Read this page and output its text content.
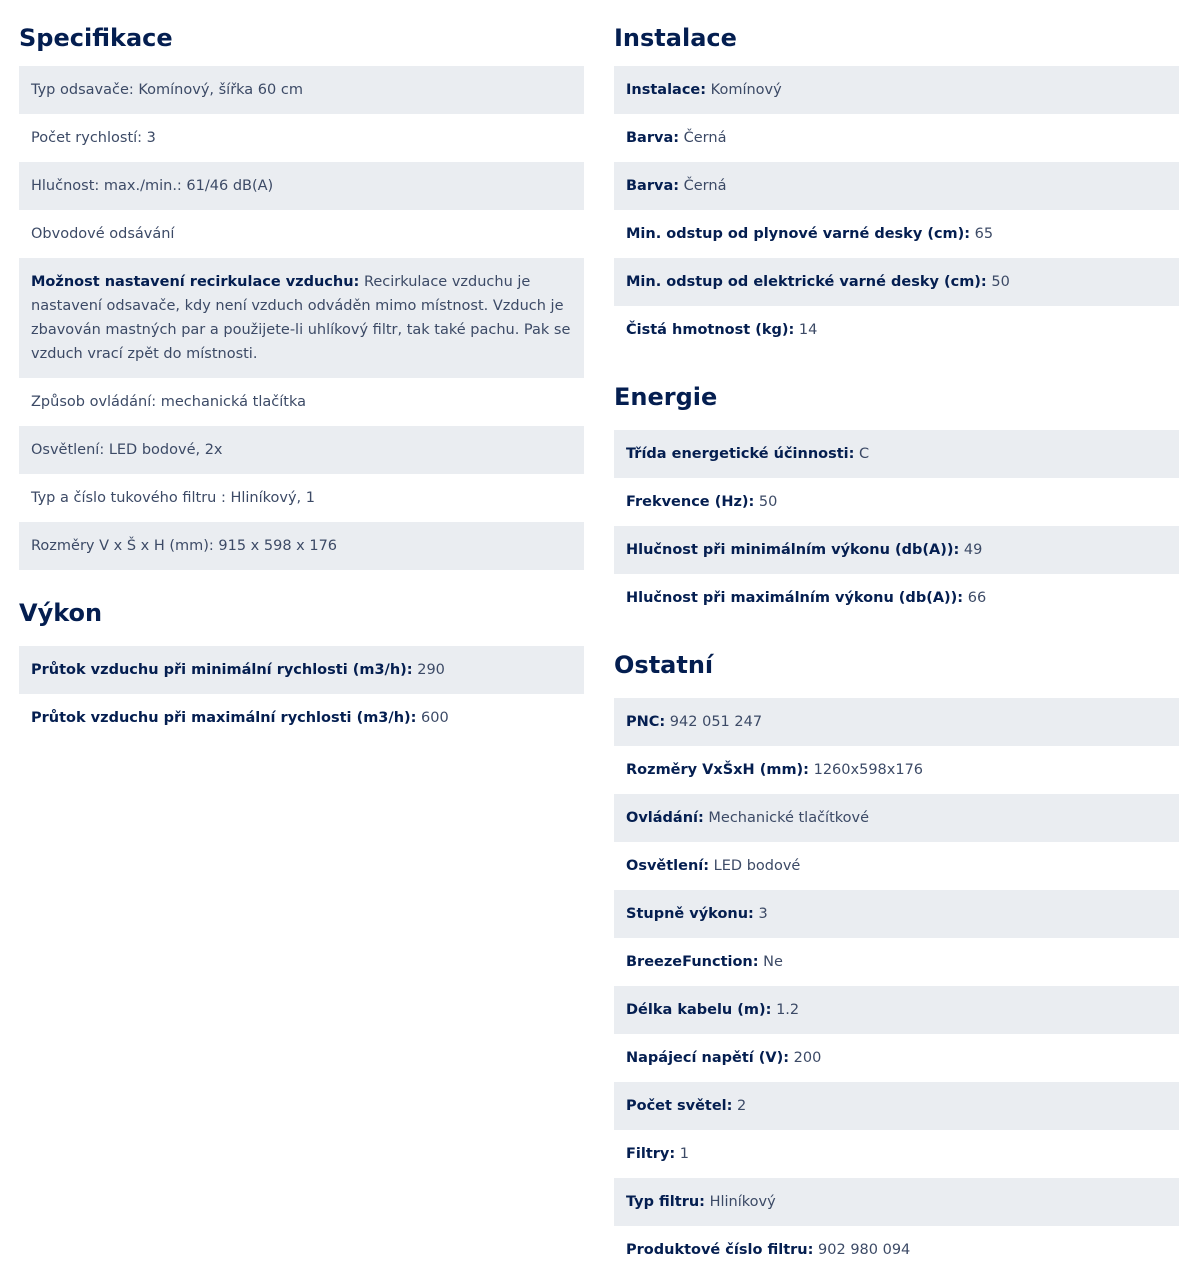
Specifikace
Typ odsavače: Komínový, šířka 60 cm
Počet rychlostí: 3
Hlučnost: max./min.: 61/46 dB(A)
Obvodové odsávání
Možnost nastavení recirkulace vzduchu: Recirkulace vzduchu je nastavení odsavače, kdy není vzduch odváděn mimo místnost. Vzduch je zbavován mastných par a použijete-li uhlíkový filtr, tak také pachu. Pak se vzduch vrací zpět do místnosti.
Způsob ovládání: mechanická tlačítka
Osvětlení: LED bodové, 2x
Typ a číslo tukového filtru : Hliníkový, 1
Rozměry V x Š x H (mm): 915 x 598 x 176
Výkon
Průtok vzduchu při minimální rychlosti (m3/h): 290
Průtok vzduchu při maximální rychlosti (m3/h): 600
Instalace
Instalace: Komínový
Barva: Černá
Barva: Černá
Min. odstup od plynové varné desky (cm): 65
Min. odstup od elektrické varné desky (cm): 50
Čistá hmotnost (kg): 14
Energie
Třída energetické účinnosti: C
Frekvence (Hz): 50
Hlučnost při minimálním výkonu (db(A)): 49
Hlučnost při maximálním výkonu (db(A)): 66
Ostatní
PNC: 942 051 247
Rozměry VxŠxH (mm): 1260x598x176
Ovládání: Mechanické tlačítkové
Osvětlení: LED bodové
Stupně výkonu: 3
BreezeFunction: Ne
Délka kabelu (m): 1.2
Napájecí napětí (V): 200
Počet světel: 2
Filtry: 1
Typ filtru: Hliníkový
Produktové číslo filtru: 902 980 094
